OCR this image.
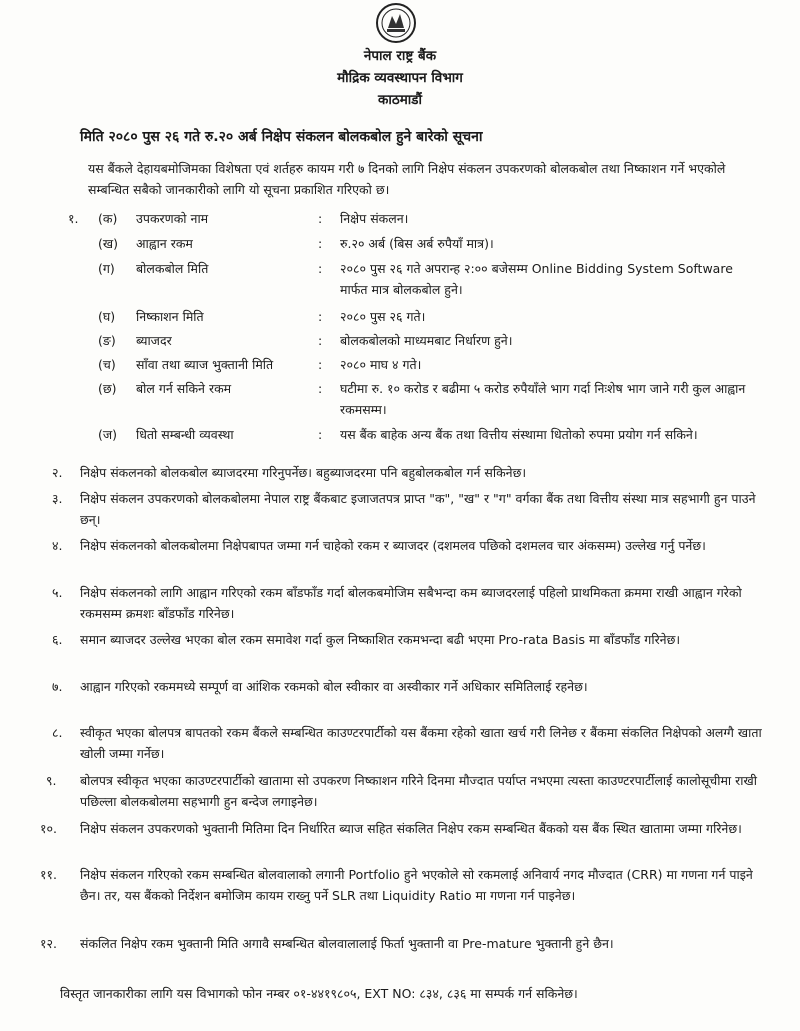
नेपाल राष्ट्र बैंक
मौद्रिक व्यवस्थापन विभाग
काठमाडौं
मिति २०८० पुस २६ गते रु.२० अर्ब निक्षेप संकलन बोलकबोल हुने बारेको सूचना
यस बैंकले देहायबमोजिमका विशेषता एवं शर्तहरु कायम गरी ७ दिनको लागि निक्षेप संकलन उपकरणको बोलकबोल तथा निष्काशन गर्ने भएकोले सम्बन्धित सबैको जानकारीको लागि यो सूचना प्रकाशित गरिएको छ।
१. (क) उपकरणको नाम	: निक्षेप संकलन।
(ख) आह्वान रकम	: रु.२० अर्ब (बिस अर्ब रुपैयाँ मात्र)।
(ग) बोलकबोल मिति	: २०८० पुस २६ गते अपरान्ह २:०० बजेसम्म Online Bidding System Software मार्फत मात्र बोलकबोल हुने।
(घ) निष्काशन मिति	: २०८० पुस २६ गते।
(ङ) ब्याजदर	: बोलकबोलको माध्यमबाट निर्धारण हुने।
(च) साँवा तथा ब्याज भुक्तानी मिति	: २०८० माघ ४ गते।
(छ) बोल गर्न सकिने रकम	: घटीमा रु. १० करोड र बढीमा ५ करोड रुपैयाँले भाग गर्दा निःशेष भाग जाने गरी कुल आह्वान रकमसम्म।
(ज) धितो सम्बन्धी व्यवस्था	: यस बैंक बाहेक अन्य बैंक तथा वित्तीय संस्थामा धितोको रुपमा प्रयोग गर्न सकिने।
२. निक्षेप संकलनको बोलकबोल ब्याजदरमा गरिनुपर्नेछ। बहुब्याजदरमा पनि बहुबोलकबोल गर्न सकिनेछ।
३. निक्षेप संकलन उपकरणको बोलकबोलमा नेपाल राष्ट्र बैंकबाट इजाजतपत्र प्राप्त "क", "ख" र "ग" वर्गका बैंक तथा वित्तीय संस्था मात्र सहभागी हुन पाउने छन्।
४. निक्षेप संकलनको बोलकबोलमा निक्षेपबापत जम्मा गर्न चाहेको रकम र ब्याजदर (दशमलव पछिको दशमलव चार अंकसम्म) उल्लेख गर्नु पर्नेछ।
५. निक्षेप संकलनको लागि आह्वान गरिएको रकम बाँडफाँड गर्दा बोलकबमोजिम सबैभन्दा कम ब्याजदरलाई पहिलो प्राथमिकता क्रममा राखी आह्वान गरेको रकमसम्म क्रमशः बाँडफाँड गरिनेछ।
६. समान ब्याजदर उल्लेख भएका बोल रकम समावेश गर्दा कुल निष्काशित रकमभन्दा बढी भएमा Pro-rata Basis मा बाँडफाँड गरिनेछ।
७. आह्वान गरिएको रकममध्ये सम्पूर्ण वा आंशिक रकमको बोल स्वीकार वा अस्वीकार गर्ने अधिकार समितिलाई रहनेछ।
८. स्वीकृत भएका बोलपत्र बापतको रकम बैंकले सम्बन्धित काउण्टरपार्टीको यस बैंकमा रहेको खाता खर्च गरी लिनेछ र बैंकमा संकलित निक्षेपको अलग्गै खाता खोली जम्मा गर्नेछ।
९. बोलपत्र स्वीकृत भएका काउण्टरपार्टीको खातामा सो उपकरण निष्काशन गरिने दिनमा मौज्दात पर्याप्त नभएमा त्यस्ता काउण्टरपार्टीलाई कालोसूचीमा राखी पछिल्ला बोलकबोलमा सहभागी हुन बन्देज लगाइनेछ।
१०. निक्षेप संकलन उपकरणको भुक्तानी मितिमा दिन निर्धारित ब्याज सहित संकलित निक्षेप रकम सम्बन्धित बैंकको यस बैंक स्थित खातामा जम्मा गरिनेछ।
११. निक्षेप संकलन गरिएको रकम सम्बन्धित बोलवालाको लगानी Portfolio हुने भएकोले सो रकमलाई अनिवार्य नगद मौज्दात (CRR) मा गणना गर्न पाइने छैन। तर, यस बैंकको निर्देशन बमोजिम कायम राख्नु पर्ने SLR तथा Liquidity Ratio मा गणना गर्न पाइनेछ।
१२. संकलित निक्षेप रकम भुक्तानी मिति अगावै सम्बन्धित बोलवालालाई फिर्ता भुक्तानी वा Pre-mature भुक्तानी हुने छैन।
विस्तृत जानकारीका लागि यस विभागको फोन नम्बर ०१-४४१९८०५, EXT NO: ८३४, ८३६ मा सम्पर्क गर्न सकिनेछ।
